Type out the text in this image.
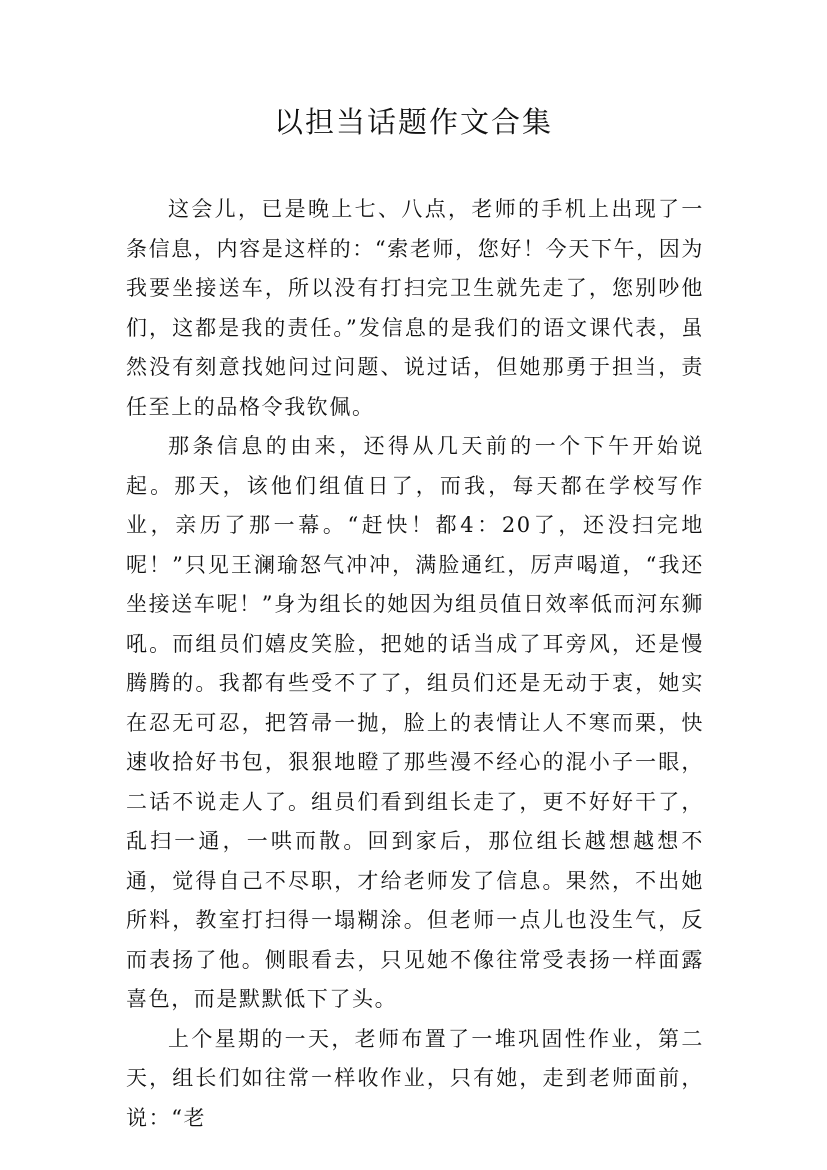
以担当话题作文合集

这会儿，已是晚上七、八点，老师的手机上出现了一条信息，内容是这样的：“索老师，您好！今天下午，因为我要坐接送车，所以没有打扫完卫生就先走了，您别吵他们，这都是我的责任。”发信息的是我们的语文课代表，虽然没有刻意找她问过问题、说过话，但她那勇于担当，责任至上的品格令我钦佩。

那条信息的由来，还得从几天前的一个下午开始说起。那天，该他们组值日了，而我，每天都在学校写作业，亲历了那一幕。“赶快！都4：20了，还没扫完地呢！”只见王澜瑜怒气冲冲，满脸通红，厉声喝道，“我还坐接送车呢！”身为组长的她因为组员值日效率低而河东狮吼。而组员们嬉皮笑脸，把她的话当成了耳旁风，还是慢腾腾的。我都有些受不了了，组员们还是无动于衷，她实在忍无可忍，把笤帚一抛，脸上的表情让人不寒而栗，快速收拾好书包，狠狠地瞪了那些漫不经心的混小子一眼，二话不说走人了。组员们看到组长走了，更不好好干了，乱扫一通，一哄而散。回到家后，那位组长越想越想不通，觉得自己不尽职，才给老师发了信息。果然，不出她所料，教室打扫得一塌糊涂。但老师一点儿也没生气，反而表扬了他。侧眼看去，只见她不像往常受表扬一样面露喜色，而是默默低下了头。

上个星期的一天，老师布置了一堆巩固性作业，第二天，组长们如往常一样收作业，只有她，走到老师面前，说：“老
